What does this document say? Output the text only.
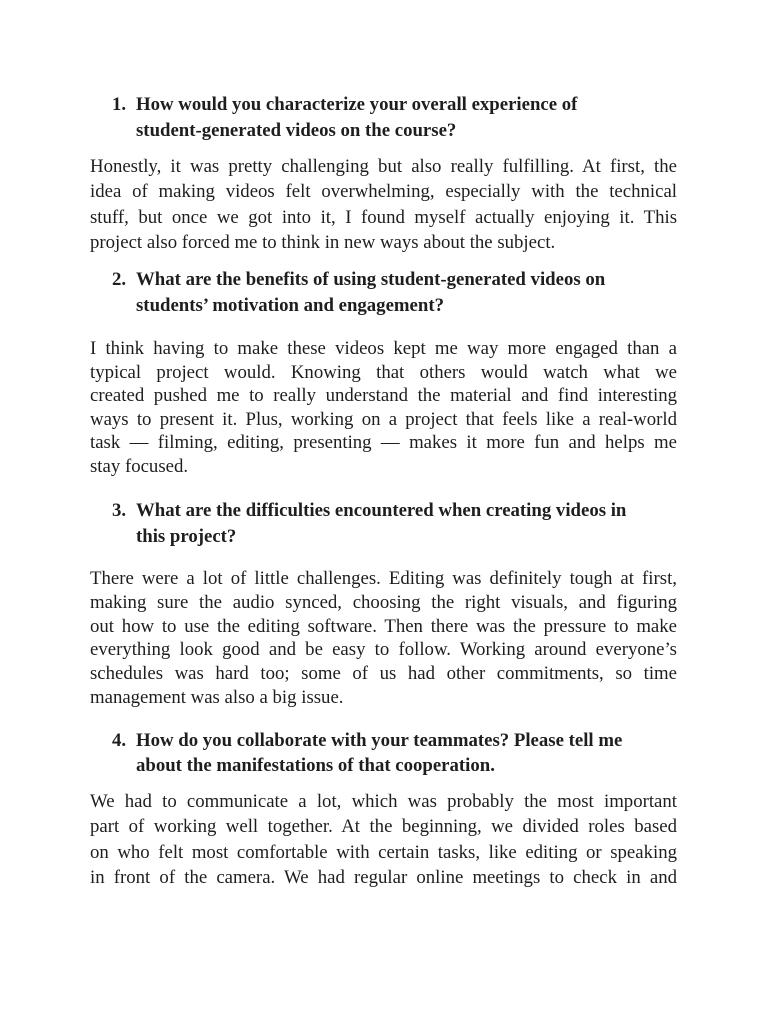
1. How would you characterize your overall experience of
student-generated videos on the course?
Honestly, it was pretty challenging but also really fulfilling. At first, the
idea of making videos felt overwhelming, especially with the technical
stuff, but once we got into it, I found myself actually enjoying it. This
project also forced me to think in new ways about the subject.
2. What are the benefits of using student-generated videos on
students’ motivation and engagement?
I think having to make these videos kept me way more engaged than a
typical project would. Knowing that others would watch what we
created pushed me to really understand the material and find interesting
ways to present it. Plus, working on a project that feels like a real-world
task — filming, editing, presenting — makes it more fun and helps me
stay focused.
3. What are the difficulties encountered when creating videos in
this project?
There were a lot of little challenges. Editing was definitely tough at first,
making sure the audio synced, choosing the right visuals, and figuring
out how to use the editing software. Then there was the pressure to make
everything look good and be easy to follow. Working around everyone’s
schedules was hard too; some of us had other commitments, so time
management was also a big issue.
4. How do you collaborate with your teammates? Please tell me
about the manifestations of that cooperation.
We had to communicate a lot, which was probably the most important
part of working well together. At the beginning, we divided roles based
on who felt most comfortable with certain tasks, like editing or speaking
in front of the camera. We had regular online meetings to check in and
